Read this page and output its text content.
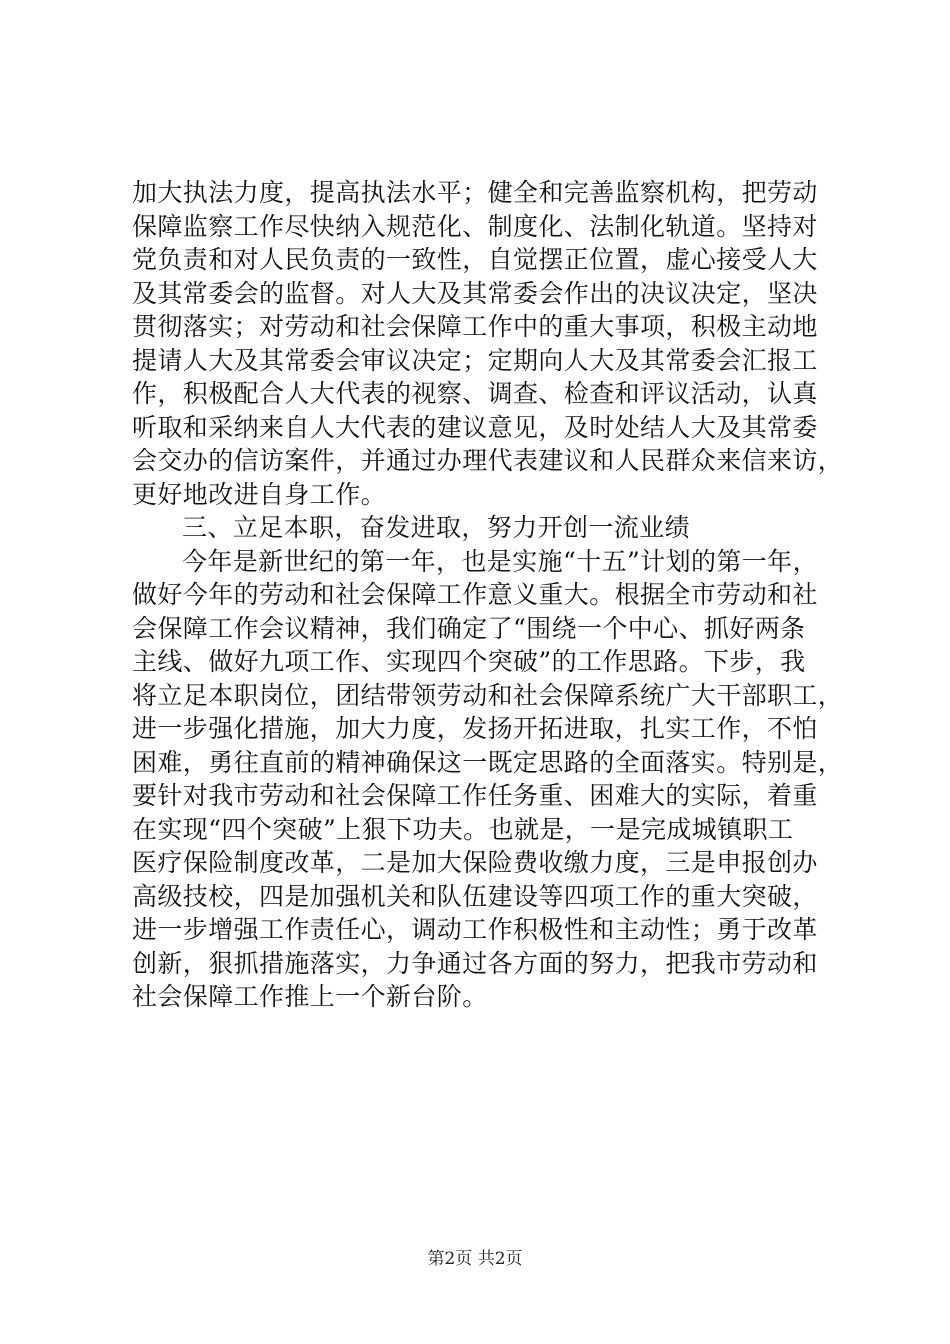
加大执法力度，提高执法水平；健全和完善监察机构，把劳动
保障监察工作尽快纳入规范化、制度化、法制化轨道。坚持对
党负责和对人民负责的一致性，自觉摆正位置，虚心接受人大
及其常委会的监督。对人大及其常委会作出的决议决定，坚决
贯彻落实；对劳动和社会保障工作中的重大事项，积极主动地
提请人大及其常委会审议决定；定期向人大及其常委会汇报工
作，积极配合人大代表的视察、调查、检查和评议活动，认真
听取和采纳来自人大代表的建议意见，及时处结人大及其常委
会交办的信访案件，并通过办理代表建议和人民群众来信来访，
更好地改进自身工作。
三、立足本职，奋发进取，努力开创一流业绩
今年是新世纪的第一年，也是实施“十五”计划的第一年，
做好今年的劳动和社会保障工作意义重大。根据全市劳动和社
会保障工作会议精神，我们确定了“围绕一个中心、抓好两条
主线、做好九项工作、实现四个突破”的工作思路。下步，我
将立足本职岗位，团结带领劳动和社会保障系统广大干部职工，
进一步强化措施，加大力度，发扬开拓进取，扎实工作，不怕
困难，勇往直前的精神确保这一既定思路的全面落实。特别是，
要针对我市劳动和社会保障工作任务重、困难大的实际，着重
在实现“四个突破”上狠下功夫。也就是，一是完成城镇职工
医疗保险制度改革，二是加大保险费收缴力度，三是申报创办
高级技校，四是加强机关和队伍建设等四项工作的重大突破，
进一步增强工作责任心，调动工作积极性和主动性；勇于改革
创新，狠抓措施落实，力争通过各方面的努力，把我市劳动和
社会保障工作推上一个新台阶。
第2页 共2页
